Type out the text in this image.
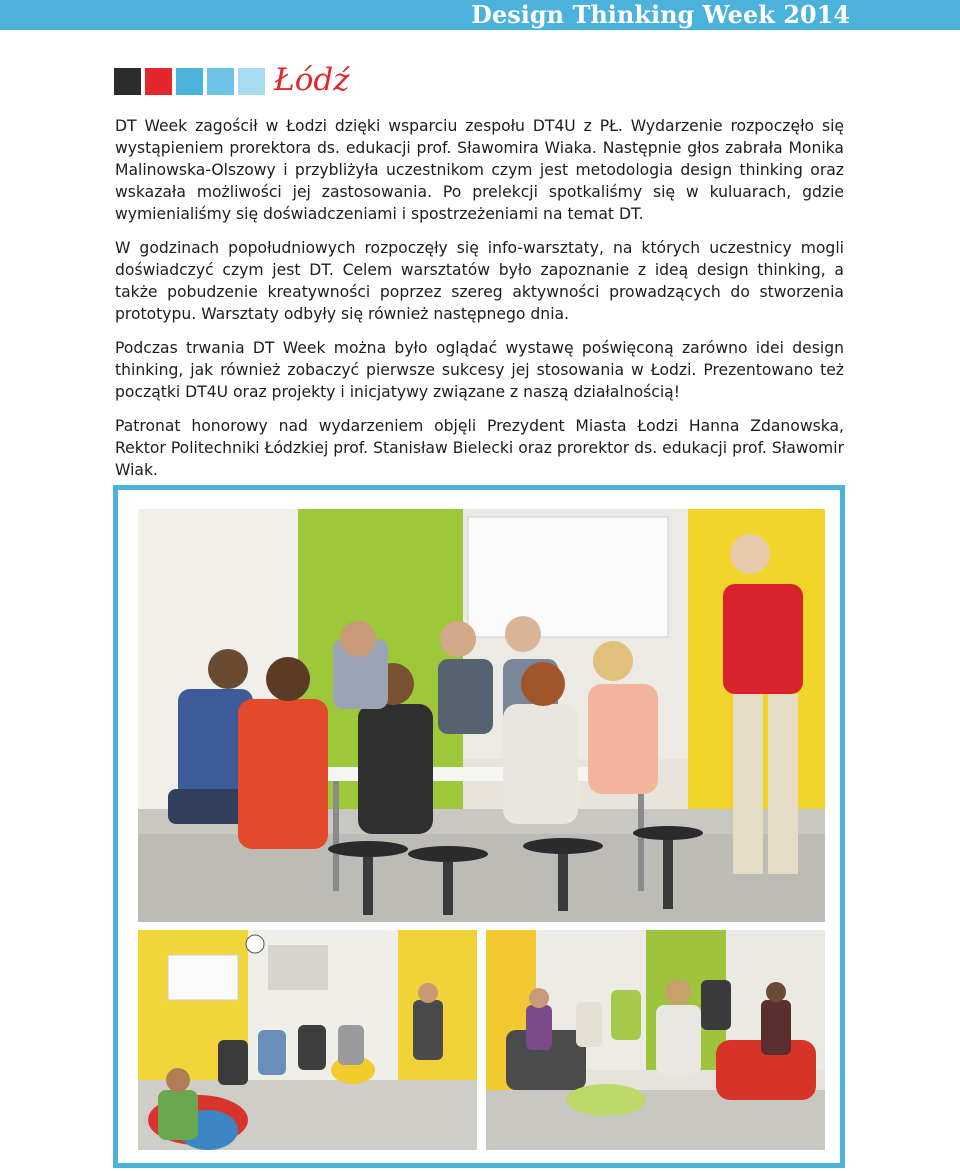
Design Thinking Week 2014
Łódź

DT Week zagościł w Łodzi dzięki wsparciu zespołu DT4U z PŁ. Wydarzenie rozpoczęło się wystąpieniem prorektora ds. edukacji prof. Sławomira Wiaka. Następnie głos zabrała Monika Malinowska-Olszowy i przybliżyła uczestnikom czym jest metodologia design thinking oraz wskazała możliwości jej zastosowania. Po prelekcji spotkaliśmy się w kuluarach, gdzie wymienialiśmy się doświadczeniami i spostrzeżeniami na temat DT.

W godzinach popołudniowych rozpoczęły się info-warsztaty, na których uczestnicy mogli doświadczyć czym jest DT. Celem warsztatów było zapoznanie z ideą design thinking, a także pobudzenie kreatywności poprzez szereg aktywności prowadzących do stworzenia prototypu. Warsztaty odbyły się również następnego dnia.

Podczas trwania DT Week można było oglądać wystawę poświęconą zarówno idei design thinking, jak również zobaczyć pierwsze sukcesy jej stosowania w Łodzi. Prezentowano też początki DT4U oraz projekty i inicjatywy związane z naszą działalnością!

Patronat honorowy nad wydarzeniem objęli Prezydent Miasta Łodzi Hanna Zdanowska, Rektor Politechniki Łódzkiej prof. Stanisław Bielecki oraz prorektor ds. edukacji prof. Sławomir Wiak.
